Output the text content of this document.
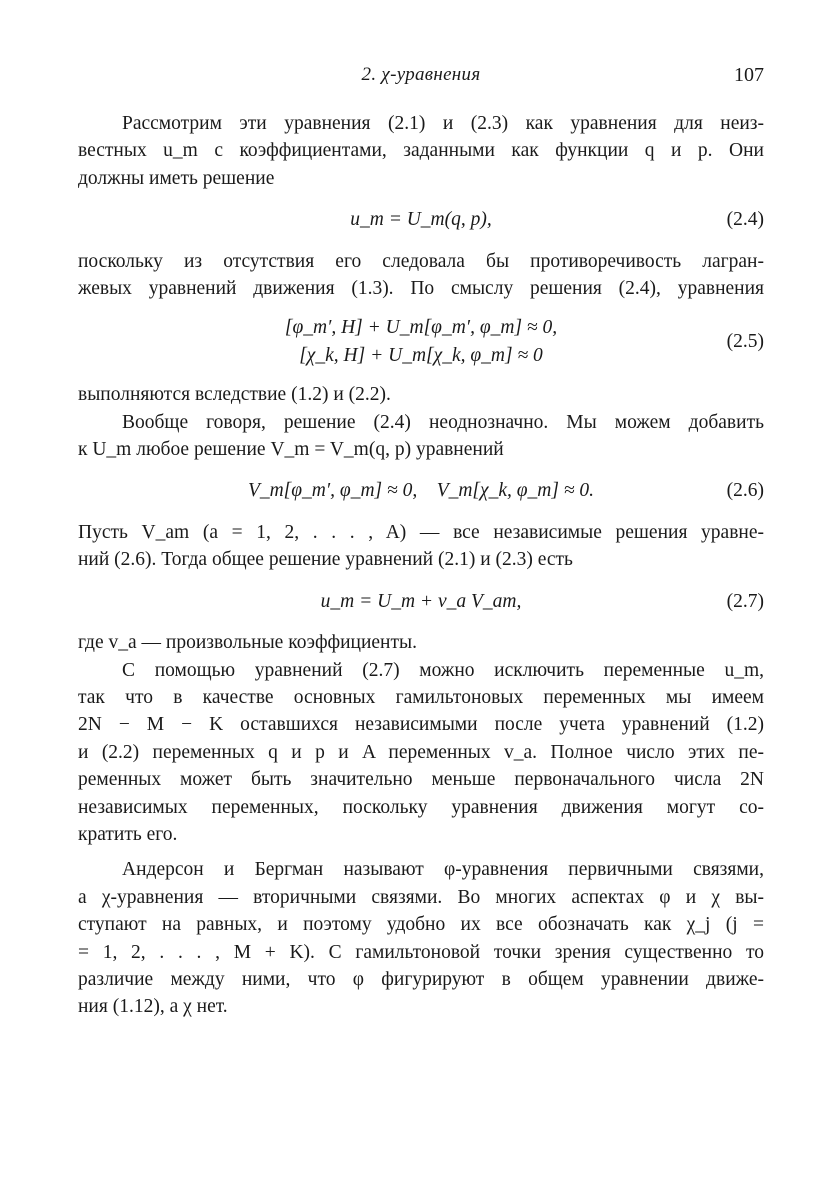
2. χ-уравнения	107
Рассмотрим эти уравнения (2.1) и (2.3) как уравнения для неиз-
вестных u_m с коэффициентами, заданными как функции q и p. Они
должны иметь решение
u_m = U_m(q, p),	(2.4)
поскольку из отсутствия его следовала бы противоречивость лагран-
жевых уравнений движения (1.3). По смыслу решения (2.4), уравнения
[φ_m′, H] + U_m[φ_m′, φ_m] ≈ 0,
[χ_k, H] + U_m[χ_k, φ_m] ≈ 0
(2.5)
выполняются вследствие (1.2) и (2.2).
Вообще говоря, решение (2.4) неоднозначно. Мы можем добавить
к U_m любое решение V_m = V_m(q, p) уравнений
V_m[φ_m′, φ_m] ≈ 0,    V_m[χ_k, φ_m] ≈ 0.	(2.6)
Пусть V_am (a = 1, 2, . . . , A) — все независимые решения уравне-
ний (2.6). Тогда общее решение уравнений (2.1) и (2.3) есть
u_m = U_m + v_a V_am,	(2.7)
где v_a — произвольные коэффициенты.
С помощью уравнений (2.7) можно исключить переменные u_m,
так что в качестве основных гамильтоновых переменных мы имеем
2N − M − K оставшихся независимыми после учета уравнений (1.2)
и (2.2) переменных q и p и A переменных v_a. Полное число этих пе-
ременных может быть значительно меньше первоначального числа 2N
независимых переменных, поскольку уравнения движения могут со-
кратить его.
Андерсон и Бергман называют φ-уравнения первичными связями,
а χ-уравнения — вторичными связями. Во многих аспектах φ и χ вы-
ступают на равных, и поэтому удобно их все обозначать как χ_j (j =
= 1, 2, . . . , M + K). С гамильтоновой точки зрения существенно то
различие между ними, что φ фигурируют в общем уравнении движе-
ния (1.12), а χ нет.
